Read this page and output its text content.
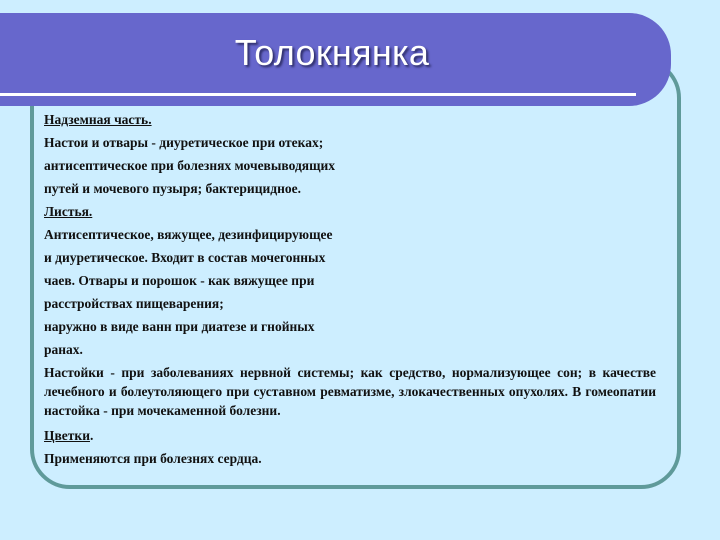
Толокнянка

Надземная часть.

Настои и отвары - диуретическое при отеках;

антисептическое при болезнях мочевыводящих

путей и мочевого пузыря; бактерицидное.

Листья.

Антисептическое, вяжущее, дезинфицирующее

и диуретическое. Входит в состав мочегонных

чаев. Отвары и порошок - как вяжущее при

расстройствах пищеварения;

наружно в виде ванн при диатезе и гнойных

ранах.

Настойки - при заболеваниях нервной системы; как средство, нормализующее сон; в качестве лечебного и болеутоляющего при суставном ревматизме, злокачественных опухолях. В гомеопатии настойка - при мочекаменной болезни.

Цветки.

Применяются при болезнях сердца.
